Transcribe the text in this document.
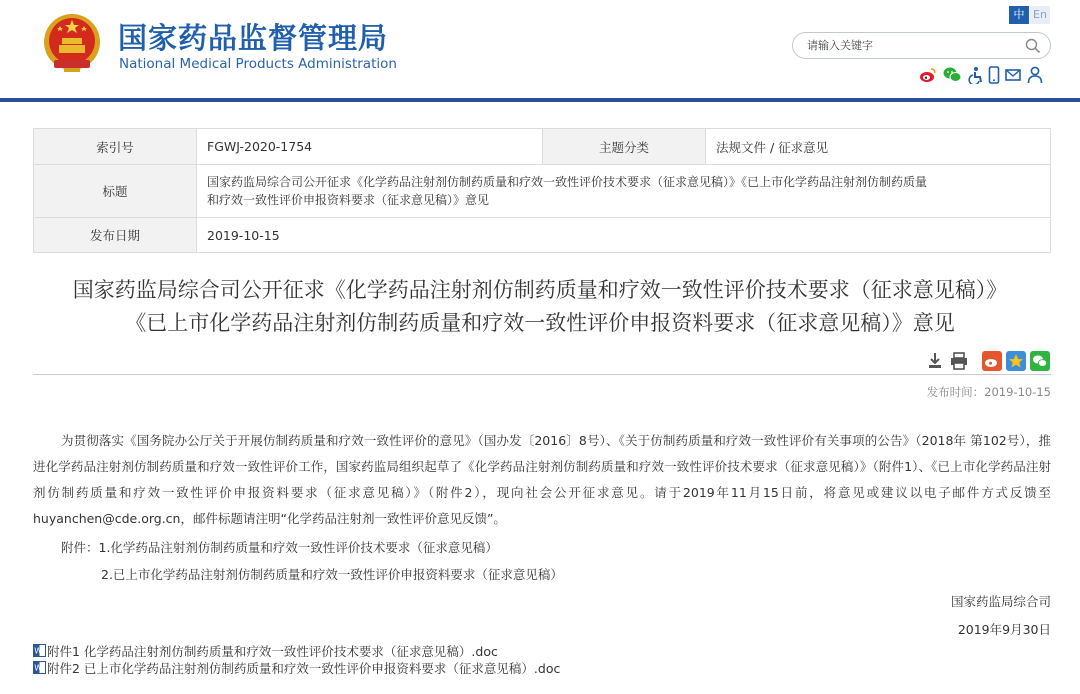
国家药品监督管理局
National Medical Products Administration
中 En
请输入关键字
索引号	FGWJ-2020-1754	主题分类	法规文件 / 征求意见
标题	国家药监局综合司公开征求《化学药品注射剂仿制药质量和疗效一致性评价技术要求（征求意见稿）》《已上市化学药品注射剂仿制药质量
和疗效一致性评价申报资料要求（征求意见稿）》意见		
发布日期	2019-10-15		
国家药监局综合司公开征求《化学药品注射剂仿制药质量和疗效一致性评价技术要求（征求意见稿）》
《已上市化学药品注射剂仿制药质量和疗效一致性评价申报资料要求（征求意见稿）》意见
发布时间：2019-10-15

为贯彻落实《国务院办公厅关于开展仿制药质量和疗效一致性评价的意见》（国办发〔2016〕8号）、《关于仿制药质量和疗效一致性评价有关事项的公告》（2018年 第102号），推进化学药品注射剂仿制药质量和疗效一致性评价工作，国家药监局组织起草了《化学药品注射剂仿制药质量和疗效一致性评价技术要求（征求意见稿）》（附件1）、《已上市化学药品注射剂仿制药质量和疗效一致性评价申报资料要求（征求意见稿）》（附件2），现向社会公开征求意见。请于2019年11月15日前，将意见或建议以电子邮件方式反馈至huyanchen@cde.org.cn，邮件标题请注明“化学药品注射剂一致性评价意见反馈”。

附件：1.化学药品注射剂仿制药质量和疗效一致性评价技术要求（征求意见稿）
2.已上市化学药品注射剂仿制药质量和疗效一致性评价申报资料要求（征求意见稿）
国家药监局综合司
2019年9月30日
W 附件1 化学药品注射剂仿制药质量和疗效一致性评价技术要求（征求意见稿）.doc
W 附件2 已上市化学药品注射剂仿制药质量和疗效一致性评价申报资料要求（征求意见稿）.doc
